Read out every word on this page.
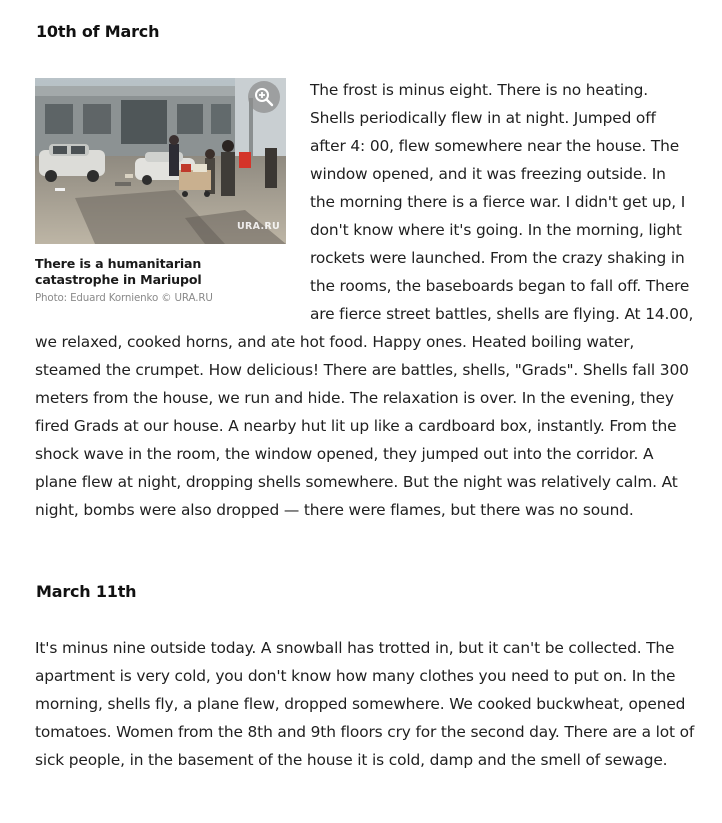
10th of March
URA.RU
There is a humanitarian catastrophe in Mariupol
Photo: Eduard Kornienko © URA.RU
The frost is minus eight. There is no heating. Shells periodically flew in at night. Jumped off after 4: 00, flew somewhere near the house. The window opened, and it was freezing outside. In the morning there is a fierce war. I didn't get up, I don't know where it's going. In the morning, light rockets were launched. From the crazy shaking in the rooms, the baseboards began to fall off. There are fierce street battles, shells are flying. At 14.00, we relaxed, cooked horns, and ate hot food. Happy ones. Heated boiling water, steamed the crumpet. How delicious! There are battles, shells, "Grads". Shells fall 300 meters from the house, we run and hide. The relaxation is over. In the evening, they fired Grads at our house. A nearby hut lit up like a cardboard box, instantly. From the shock wave in the room, the window opened, they jumped out into the corridor. A plane flew at night, dropping shells somewhere. But the night was relatively calm. At night, bombs were also dropped — there were flames, but there was no sound.
March 11th

It's minus nine outside today. A snowball has trotted in, but it can't be collected. The apartment is very cold, you don't know how many clothes you need to put on. In the morning, shells fly, a plane flew, dropped somewhere. We cooked buckwheat, opened tomatoes. Women from the 8th and 9th floors cry for the second day. There are a lot of sick people, in the basement of the house it is cold, damp and the smell of sewage.
